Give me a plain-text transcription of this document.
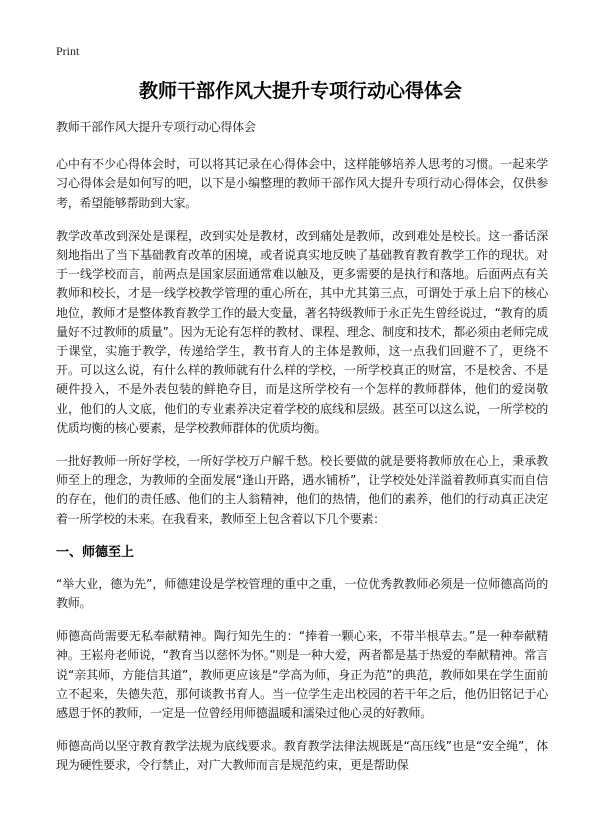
Print
教师干部作风大提升专项行动心得体会

教师干部作风大提升专项行动心得体会

心中有不少心得体会时，可以将其记录在心得体会中，这样能够培养人思考的习惯。一起来学习心得体会是如何写的吧，以下是小编整理的教师干部作风大提升专项行动心得体会，仅供参考，希望能够帮助到大家。

教学改革改到深处是课程，改到实处是教材，改到痛处是教师，改到难处是校长。这一番话深刻地指出了当下基础教育改革的困境，或者说真实地反映了基础教育教育教学工作的现状。对于一线学校而言，前两点是国家层面通常难以触及，更多需要的是执行和落地。后面两点有关教师和校长，才是一线学校教学管理的重心所在，其中尤其第三点，可谓处于承上启下的核心地位，教师才是整体教育教学工作的最大变量，著名特级教师于永正先生曾经说过，“教育的质量好不过教师的质量”。因为无论有怎样的教材、课程、理念、制度和技术，都必须由老师完成于课堂，实施于教学，传递给学生，教书育人的主体是教师，这一点我们回避不了，更绕不开。可以这么说，有什么样的教师就有什么样的学校，一所学校真正的财富，不是校舍、不是硬件投入，不是外表包装的鲜艳夺目，而是这所学校有一个怎样的教师群体，他们的爱岗敬业，他们的人文底，他们的专业素养决定着学校的底线和层级。甚至可以这么说，一所学校的优质均衡的核心要素，是学校教师群体的优质均衡。

一批好教师一所好学校，一所好学校万户解千愁。校长要做的就是要将教师放在心上，秉承教师至上的理念，为教师的全面发展“逢山开路，遇水铺桥”，让学校处处洋溢着教师真实而自信的存在，他们的责任感、他们的主人翁精神，他们的热情，他们的素养，他们的行动真正决定着一所学校的未来。在我看来，教师至上包含着以下几个要素：

一、师德至上

“举大业，德为先”，师德建设是学校管理的重中之重，一位优秀教教师必须是一位师德高尚的教师。

师德高尚需要无私奉献精神。陶行知先生的：“捧着一颗心来，不带半根草去。”是一种奉献精神。王崧舟老师说，“教育当以慈怀为怀。”则是一种大爱，两者都是基于热爱的奉献精神。常言说“亲其师，方能信其道”，教师更应该是“学高为师，身正为范”的典范，教师如果在学生面前立不起来，失德失范，那何谈教书育人。当一位学生走出校园的若干年之后，他仍旧铭记于心感恩于怀的教师，一定是一位曾经用师德温暖和濡染过他心灵的好教师。

师德高尚以坚守教育教学法规为底线要求。教育教学法律法规既是“高压线”也是“安全绳”，体现为硬性要求，令行禁止，对广大教师而言是规范约束，更是帮助保
